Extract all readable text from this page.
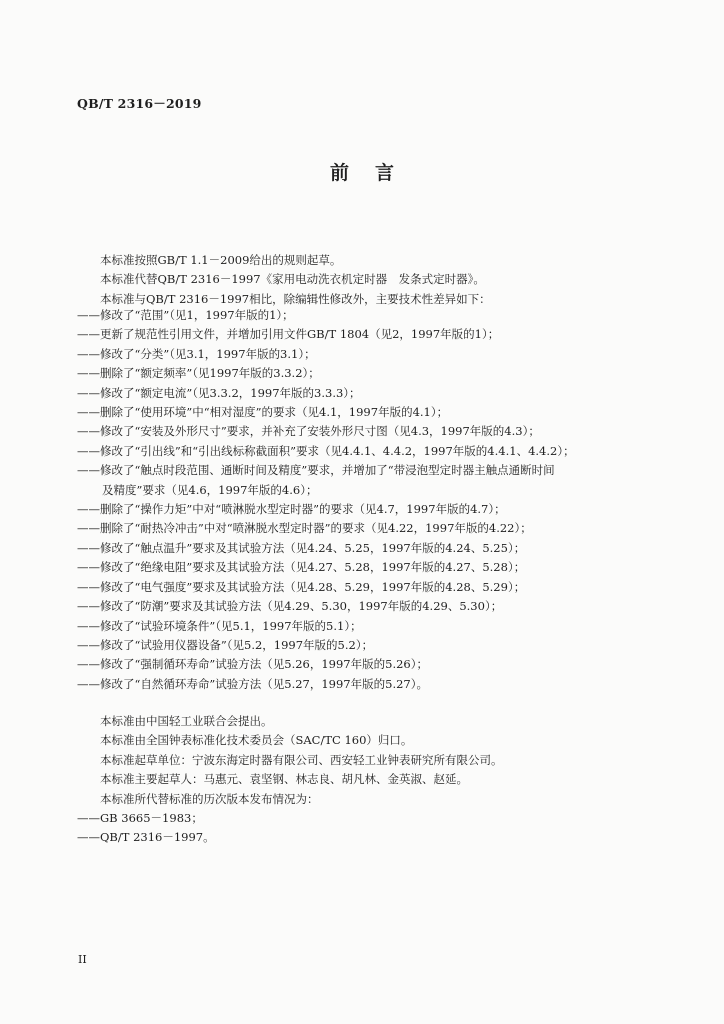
QB/T 2316－2019
前言
本标准按照GB/T 1.1－2009给出的规则起草。
本标准代替QB/T 2316－1997《家用电动洗衣机定时器　发条式定时器》。
本标准与QB/T 2316－1997相比，除编辑性修改外，主要技术性差异如下：
——修改了“范围”（见1，1997年版的1）；
——更新了规范性引用文件，并增加引用文件GB/T 1804（见2，1997年版的1）；
——修改了“分类”（见3.1，1997年版的3.1）；
——删除了“额定频率”（见1997年版的3.3.2）；
——修改了“额定电流”（见3.3.2，1997年版的3.3.3）；
——删除了“使用环境”中“相对湿度”的要求（见4.1，1997年版的4.1）；
——修改了“安装及外形尺寸”要求，并补充了安装外形尺寸图（见4.3，1997年版的4.3）；
——修改了“引出线”和“引出线标称截面积”要求（见4.4.1、4.4.2，1997年版的4.4.1、4.4.2）；
——修改了“触点时段范围、通断时间及精度”要求，并增加了“带浸泡型定时器主触点通断时间
及精度”要求（见4.6，1997年版的4.6）；
——删除了“操作力矩”中对“喷淋脱水型定时器”的要求（见4.7，1997年版的4.7）；
——删除了“耐热冷冲击”中对“喷淋脱水型定时器”的要求（见4.22，1997年版的4.22）；
——修改了“触点温升”要求及其试验方法（见4.24、5.25，1997年版的4.24、5.25）；
——修改了“绝缘电阻”要求及其试验方法（见4.27、5.28，1997年版的4.27、5.28）；
——修改了“电气强度”要求及其试验方法（见4.28、5.29，1997年版的4.28、5.29）；
——修改了“防潮”要求及其试验方法（见4.29、5.30，1997年版的4.29、5.30）；
——修改了“试验环境条件”（见5.1，1997年版的5.1）；
——修改了“试验用仪器设备”（见5.2，1997年版的5.2）；
——修改了“强制循环寿命”试验方法（见5.26，1997年版的5.26）；
——修改了“自然循环寿命”试验方法（见5.27，1997年版的5.27）。
本标准由中国轻工业联合会提出。
本标准由全国钟表标准化技术委员会（SAC/TC 160）归口。
本标准起草单位：宁波东海定时器有限公司、西安轻工业钟表研究所有限公司。
本标准主要起草人：马惠元、袁坚钢、林志良、胡凡林、金英淑、赵延。
本标准所代替标准的历次版本发布情况为：
——GB 3665－1983；
——QB/T 2316－1997。
II
